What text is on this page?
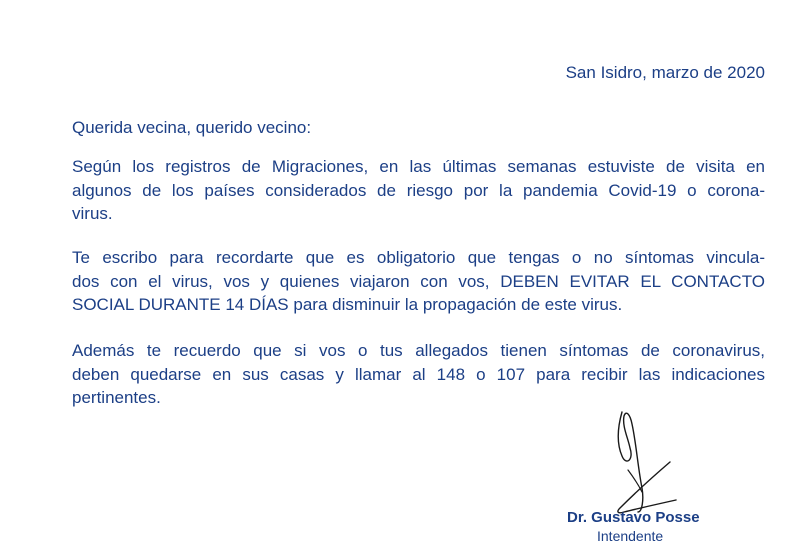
San Isidro, marzo de 2020
Querida vecina, querido vecino:
Según los registros de Migraciones, en las últimas semanas estuviste de visita en
algunos de los países considerados de riesgo por la pandemia Covid-19 o corona-
virus.
Te escribo para recordarte que es obligatorio que tengas o no síntomas vincula-
dos con el virus, vos y quienes viajaron con vos, DEBEN EVITAR EL CONTACTO
SOCIAL DURANTE 14 DÍAS para disminuir la propagación de este virus.
Además te recuerdo que si vos o tus allegados tienen síntomas de coronavirus,
deben quedarse en sus casas y llamar al 148 o 107 para recibir las indicaciones
pertinentes.
Dr. Gustavo Posse
Intendente
